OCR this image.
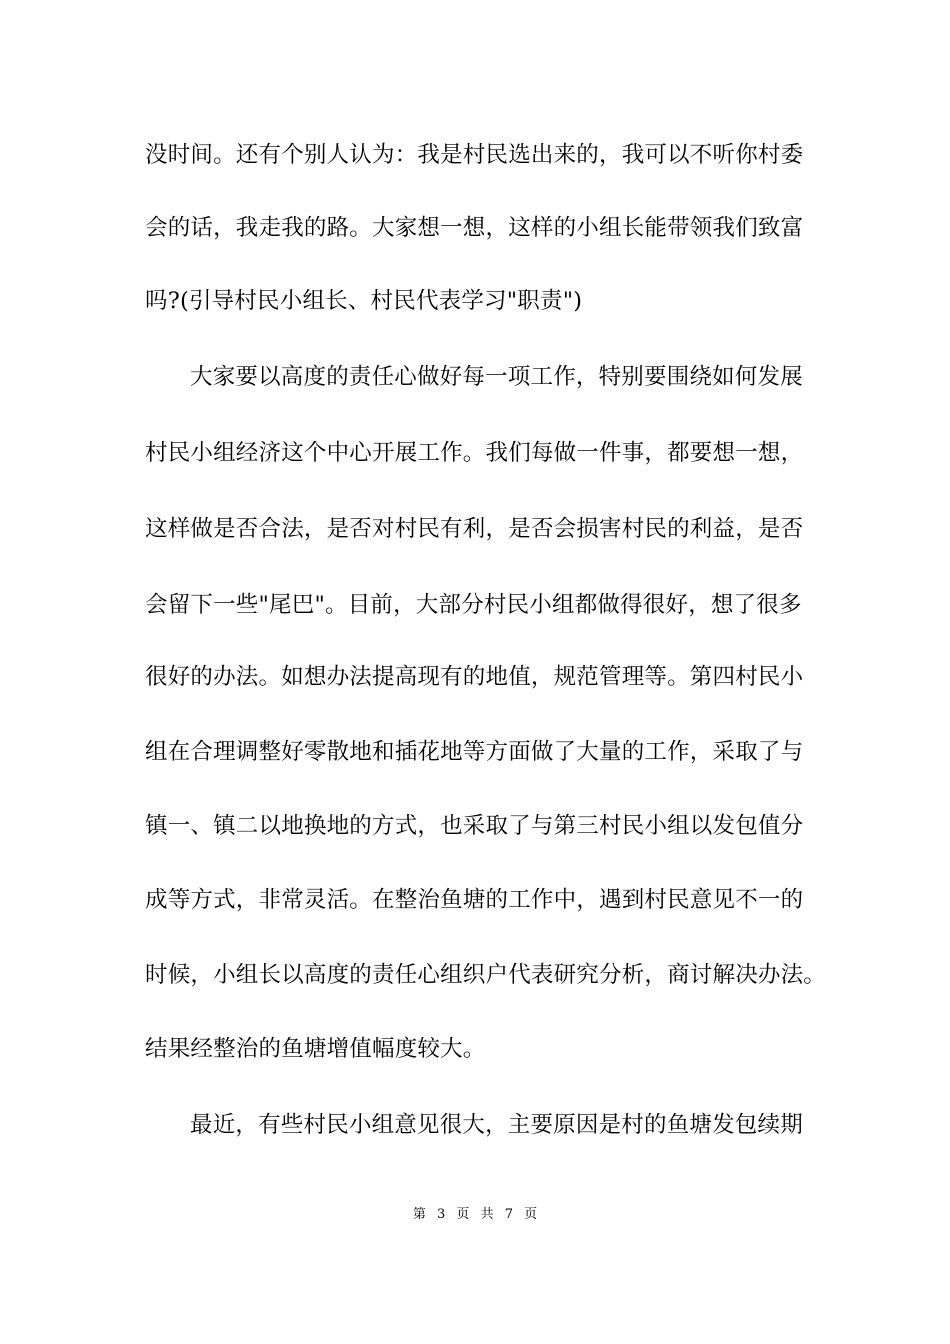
没时间。还有个别人认为：我是村民选出来的，我可以不听你村委
会的话，我走我的路。大家想一想，这样的小组长能带领我们致富
吗?(引导村民小组长、村民代表学习"职责")
大家要以高度的责任心做好每一项工作，特别要围绕如何发展
村民小组经济这个中心开展工作。我们每做一件事，都要想一想，
这样做是否合法，是否对村民有利，是否会损害村民的利益，是否
会留下一些"尾巴"。目前，大部分村民小组都做得很好，想了很多
很好的办法。如想办法提高现有的地值，规范管理等。第四村民小
组在合理调整好零散地和插花地等方面做了大量的工作，采取了与
镇一、镇二以地换地的方式，也采取了与第三村民小组以发包值分
成等方式，非常灵活。在整治鱼塘的工作中，遇到村民意见不一的
时候，小组长以高度的责任心组织户代表研究分析，商讨解决办法。
结果经整治的鱼塘增值幅度较大。
最近，有些村民小组意见很大，主要原因是村的鱼塘发包续期
第 3 页 共 7 页
